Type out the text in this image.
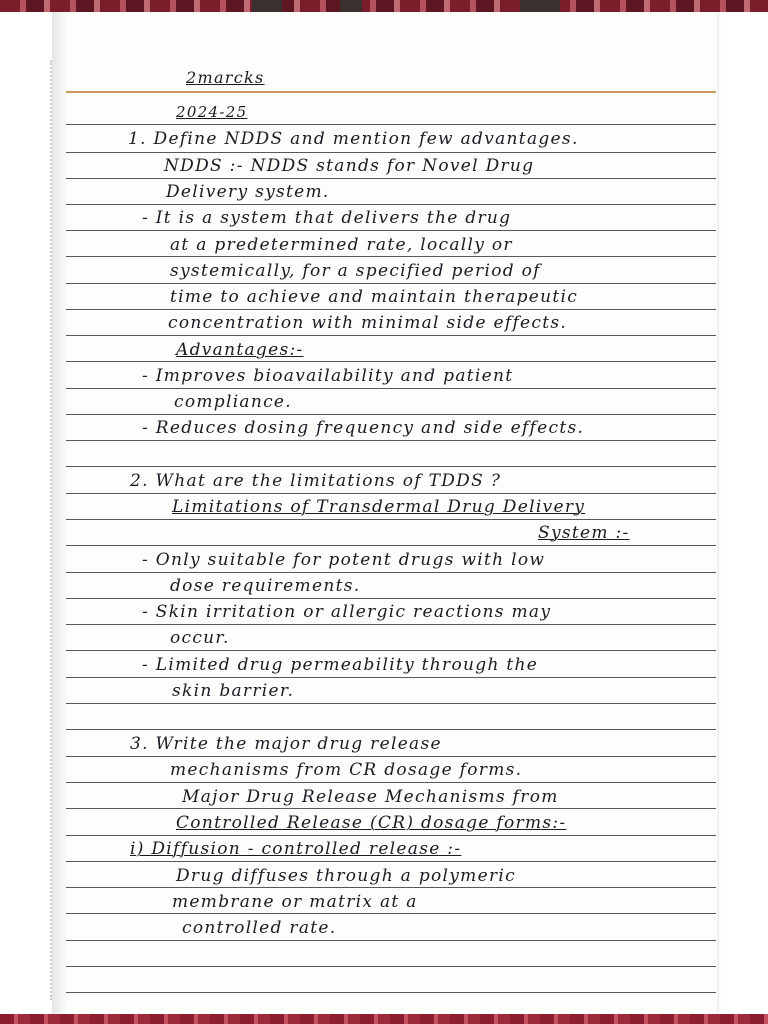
2marcks
2024-25
1. Define NDDS and mention few advantages.
NDDS :- NDDS stands for Novel Drug
Delivery system.
- It is a system that delivers the drug
at a predetermined rate, locally or
systemically, for a specified period of
time to achieve and maintain therapeutic
concentration with minimal side effects.
Advantages:-
- Improves bioavailability and patient
compliance.
- Reduces dosing frequency and side effects.
2. What are the limitations of TDDS ?
Limitations of Transdermal Drug Delivery
System :-
- Only suitable for potent drugs with low
dose requirements.
- Skin irritation or allergic reactions may
occur.
- Limited drug permeability through the
skin barrier.
3. Write the major drug release
mechanisms from CR dosage forms.
Major Drug Release Mechanisms from
Controlled Release (CR) dosage forms:-
i) Diffusion - controlled release :-
Drug diffuses through a polymeric
membrane or matrix at a
controlled rate.
